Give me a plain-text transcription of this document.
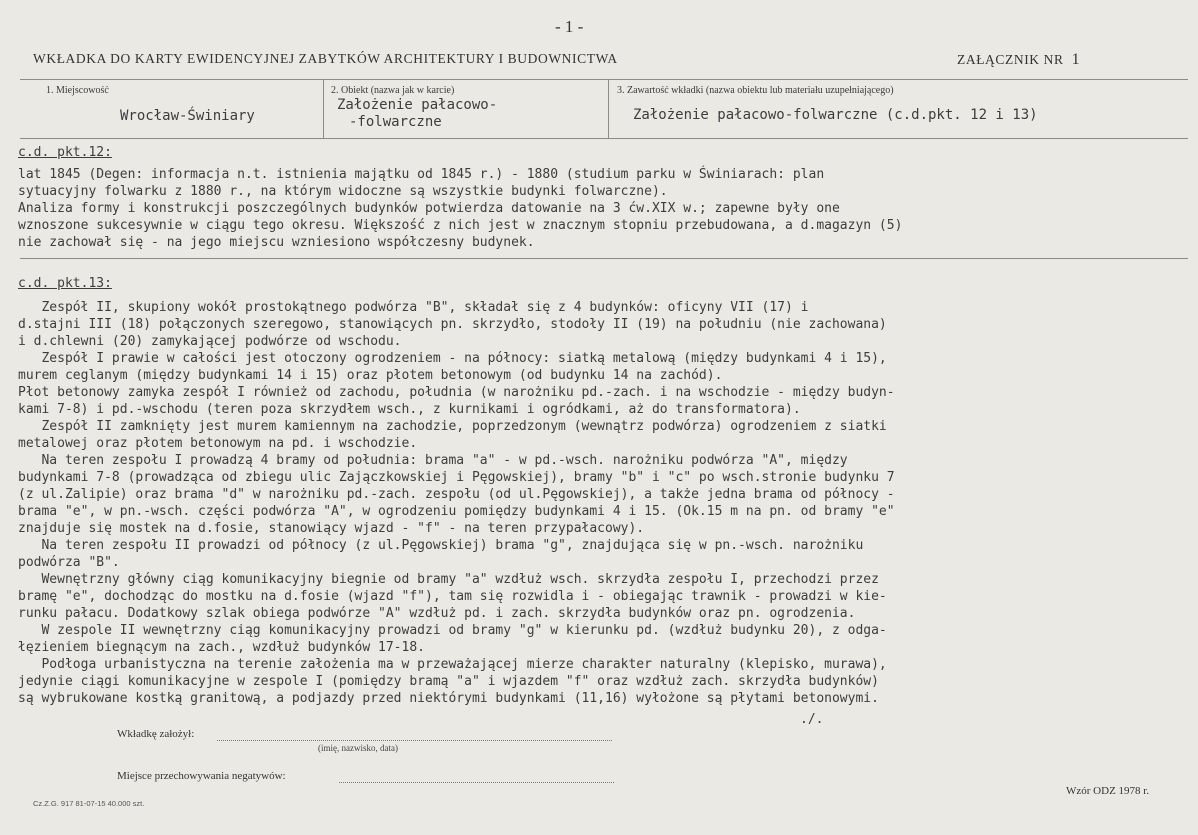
- 1 -
WKŁADKA DO KARTY EWIDENCYJNEJ ZABYTKÓW ARCHITEKTURY I BUDOWNICTWA	ZAŁĄCZNIK NR 1
1. Miejscowość
Wrocław-Świniary
2. Obiekt (nazwa jak w karcie)
Założenie pałacowo-
-folwarczne
3. Zawartość wkładki (nazwa obiektu lub materiału uzupełniającego)
Założenie pałacowo-folwarczne (c.d.pkt. 12 i 13)
c.d. pkt.12:
lat 1845 (Degen: informacja n.t. istnienia majątku od 1845 r.) - 1880 (studium parku w Świniarach: plan
sytuacyjny folwarku z 1880 r., na którym widoczne są wszystkie budynki folwarczne).
Analiza formy i konstrukcji poszczególnych budynków potwierdza datowanie na 3 ćw.XIX w.; zapewne były one
wznoszone sukcesywnie w ciągu tego okresu. Większość z nich jest w znacznym stopniu przebudowana, a d.magazyn (5)
nie zachował się - na jego miejscu wzniesiono współczesny budynek.
c.d. pkt.13:
Zespół II, skupiony wokół prostokątnego podwórza "B", składał się z 4 budynków: oficyny VII (17) i
d.stajni III (18) połączonych szeregowo, stanowiących pn. skrzydło, stodoły II (19) na południu (nie zachowana)
i d.chlewni (20) zamykającej podwórze od wschodu.
Zespół I prawie w całości jest otoczony ogrodzeniem - na północy: siatką metalową (między budynkami 4 i 15),
murem ceglanym (między budynkami 14 i 15) oraz płotem betonowym (od budynku 14 na zachód).
Płot betonowy zamyka zespół I również od zachodu, południa (w narożniku pd.-zach. i na wschodzie - między budyn-
kami 7-8) i pd.-wschodu (teren poza skrzydłem wsch., z kurnikami i ogródkami, aż do transformatora).
Zespół II zamknięty jest murem kamiennym na zachodzie, poprzedzonym (wewnątrz podwórza) ogrodzeniem z siatki
metalowej oraz płotem betonowym na pd. i wschodzie.
Na teren zespołu I prowadzą 4 bramy od południa: brama "a" - w pd.-wsch. narożniku podwórza "A", między
budynkami 7-8 (prowadząca od zbiegu ulic Zajączkowskiej i Pęgowskiej), bramy "b" i "c" po wsch.stronie budynku 7
(z ul.Zalipie) oraz brama "d" w narożniku pd.-zach. zespołu (od ul.Pęgowskiej), a także jedna brama od północy -
brama "e", w pn.-wsch. części podwórza "A", w ogrodzeniu pomiędzy budynkami 4 i 15. (Ok.15 m na pn. od bramy "e"
znajduje się mostek na d.fosie, stanowiący wjazd - "f" - na teren przypałacowy).
Na teren zespołu II prowadzi od północy (z ul.Pęgowskiej) brama "g", znajdująca się w pn.-wsch. narożniku
podwórza "B".
Wewnętrzny główny ciąg komunikacyjny biegnie od bramy "a" wzdłuż wsch. skrzydła zespołu I, przechodzi przez
bramę "e", dochodząc do mostku na d.fosie (wjazd "f"), tam się rozwidla i - obiegając trawnik - prowadzi w kie-
runku pałacu. Dodatkowy szlak obiega podwórze "A" wzdłuż pd. i zach. skrzydła budynków oraz pn. ogrodzenia.
W zespole II wewnętrzny ciąg komunikacyjny prowadzi od bramy "g" w kierunku pd. (wzdłuż budynku 20), z odga-
łęzieniem biegnącym na zach., wzdłuż budynków 17-18.
Podłoga urbanistyczna na terenie założenia ma w przeważającej mierze charakter naturalny (klepisko, murawa),
jedynie ciągi komunikacyjne w zespole I (pomiędzy bramą "a" i wjazdem "f" oraz wzdłuż zach. skrzydła budynków)
są wybrukowane kostką granitową, a podjazdy przed niektórymi budynkami (11,16) wyłożone są płytami betonowymi.
./.
Wkładkę założył:
(imię, nazwisko, data)
Miejsce przechowywania negatywów:
Cz.Z.G. 917 81-07-15 40.000 szt.
Wzór ODZ 1978 r.
